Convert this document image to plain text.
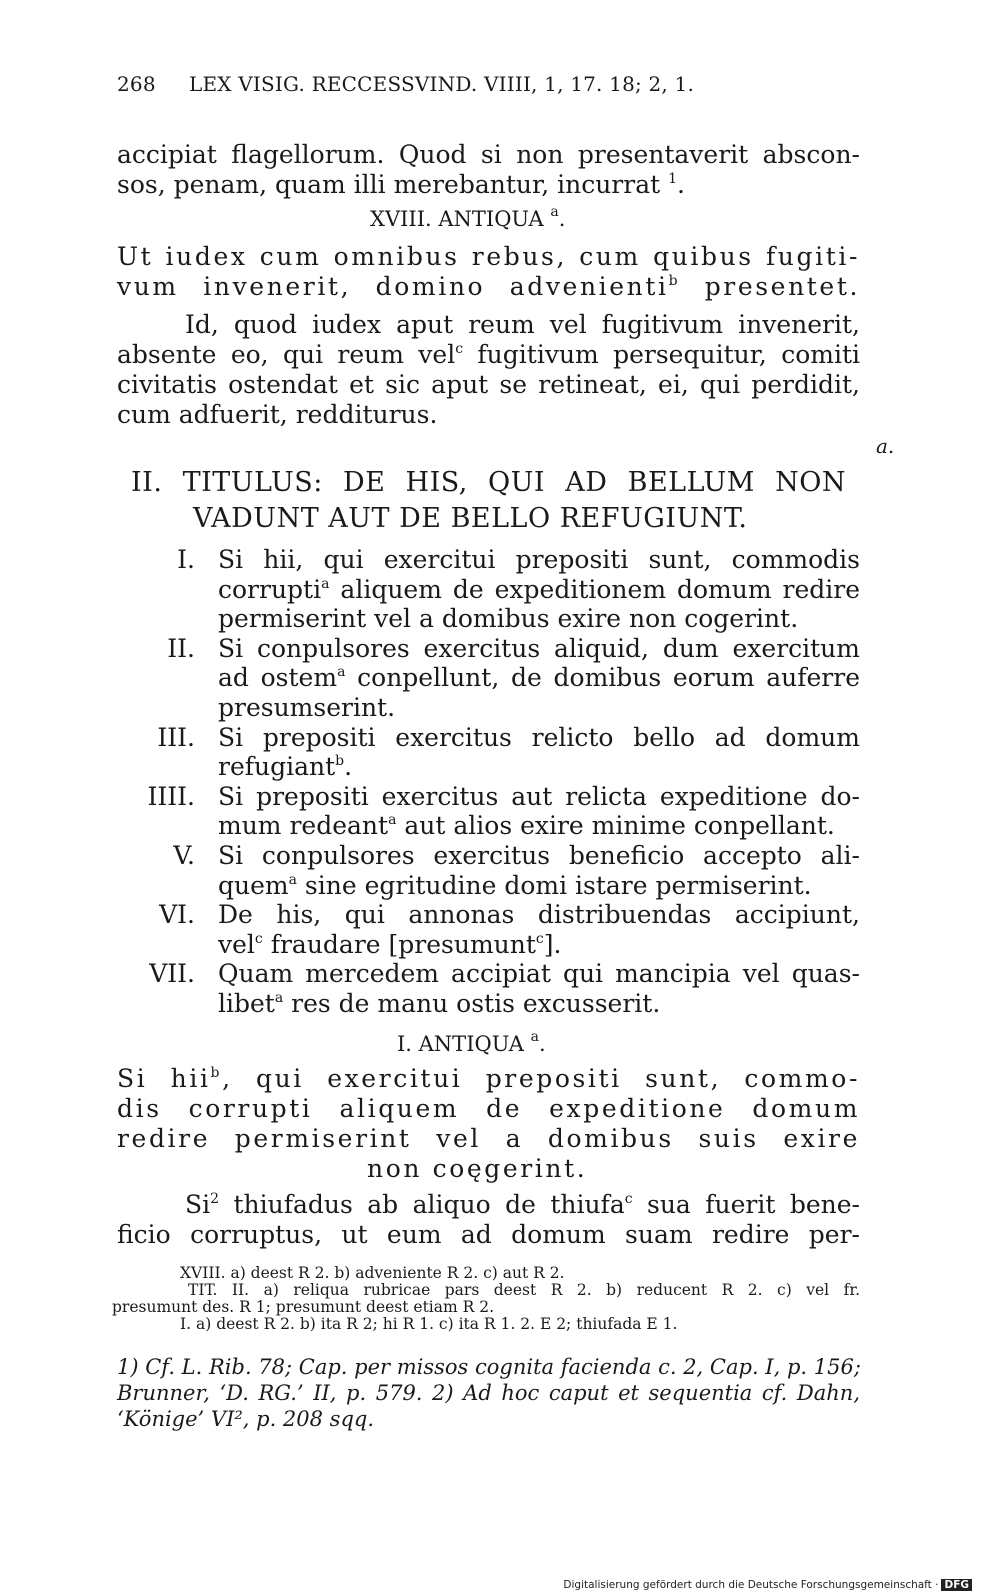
268 LEX VISIG. RECCESSVIND. VIIII, 1, 17. 18; 2, 1.
accipiat flagellorum. Quod si non presentaverit abscon-
sos, penam, quam illi merebantur, incurrat $^1$.
XVIII. ANTIQUA $^a$.
Ut iudex cum omnibus rebus, cum quibus fugiti-
vum invenerit, domino advenienti$^b$ presentet.
Id, quod iudex aput reum vel fugitivum invenerit,
absente eo, qui reum vel$^c$ fugitivum persequitur, comiti
civitatis ostendat et sic aput se retineat, ei, qui perdidit,
cum adfuerit, redditurus.
a.
II. TITULUS: DE HIS, QUI AD BELLUM NON
VADUNT AUT DE BELLO REFUGIUNT.
I. Si hii, qui exercitui prepositi sunt, commodis
corrupti$^a$ aliquem de expeditionem domum redire
permiserint vel a domibus exire non cogerint.
II. Si conpulsores exercitus aliquid, dum exercitum
ad ostem$^a$ conpellunt, de domibus eorum auferre
presumserint.
III. Si prepositi exercitus relicto bello ad domum
refugiant$^b$.
IIII. Si prepositi exercitus aut relicta expeditione do-
mum redeant$^a$ aut alios exire minime conpellant.
V. Si conpulsores exercitus beneficio accepto ali-
quem$^a$ sine egritudine domi istare permiserint.
VI. De his, qui annonas distribuendas accipiunt,
vel$^c$ fraudare [presumunt$^c$].
VII. Quam mercedem accipiat qui mancipia vel quas-
libet$^a$ res de manu ostis excusserit.
I. ANTIQUA $^a$.
Si hii$^b$, qui exercitui prepositi sunt, commo-
dis corrupti aliquem de expeditione domum
redire permiserint vel a domibus suis exire
non coęgerint.
Si$^2$ thiufadus ab aliquo de thiufa$^c$ sua fuerit bene-
ficio corruptus, ut eum ad domum suam redire per-
XVIII. a) deest R 2. b) adveniente R 2. c) aut R 2.
TIT. II. a) reliqua rubricae pars deest R 2. b) reducent R 2. c) vel fr.
presumunt des. R 1; presumunt deest etiam R 2.
I. a) deest R 2. b) ita R 2; hi R 1. c) ita R 1. 2. E 2; thiufada E 1.
1) Cf. L. Rib. 78; Cap. per missos cognita facienda c. 2, Cap. I, p. 156;
Brunner, ‘D. RG.’ II, p. 579. 2) Ad hoc caput et sequentia cf. Dahn,
‘Könige’ VI², p. 208 sqq.
Digitalisierung gefördert durch die Deutsche Forschungsgemeinschaft · DFG
